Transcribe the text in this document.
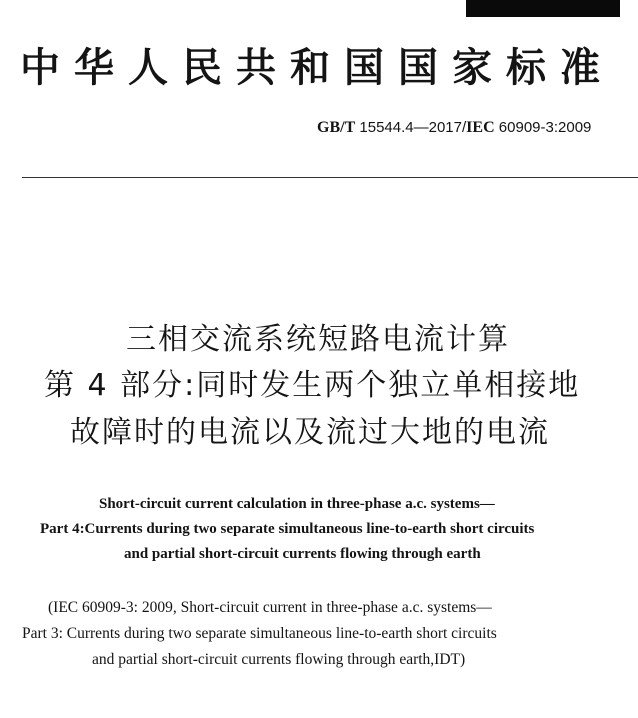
中华人民共和国国家标准
GB/T 15544.4—2017/IEC 60909-3:2009
三相交流系统短路电流计算
第 4 部分:同时发生两个独立单相接地
故障时的电流以及流过大地的电流
Short-circuit current calculation in three-phase a.c. systems—
Part 4:Currents during two separate simultaneous line-to-earth short circuits
and partial short-circuit currents flowing through earth
(IEC 60909-3: 2009, Short-circuit current in three-phase a.c. systems—
Part 3: Currents during two separate simultaneous line-to-earth short circuits
and partial short-circuit currents flowing through earth,IDT)
